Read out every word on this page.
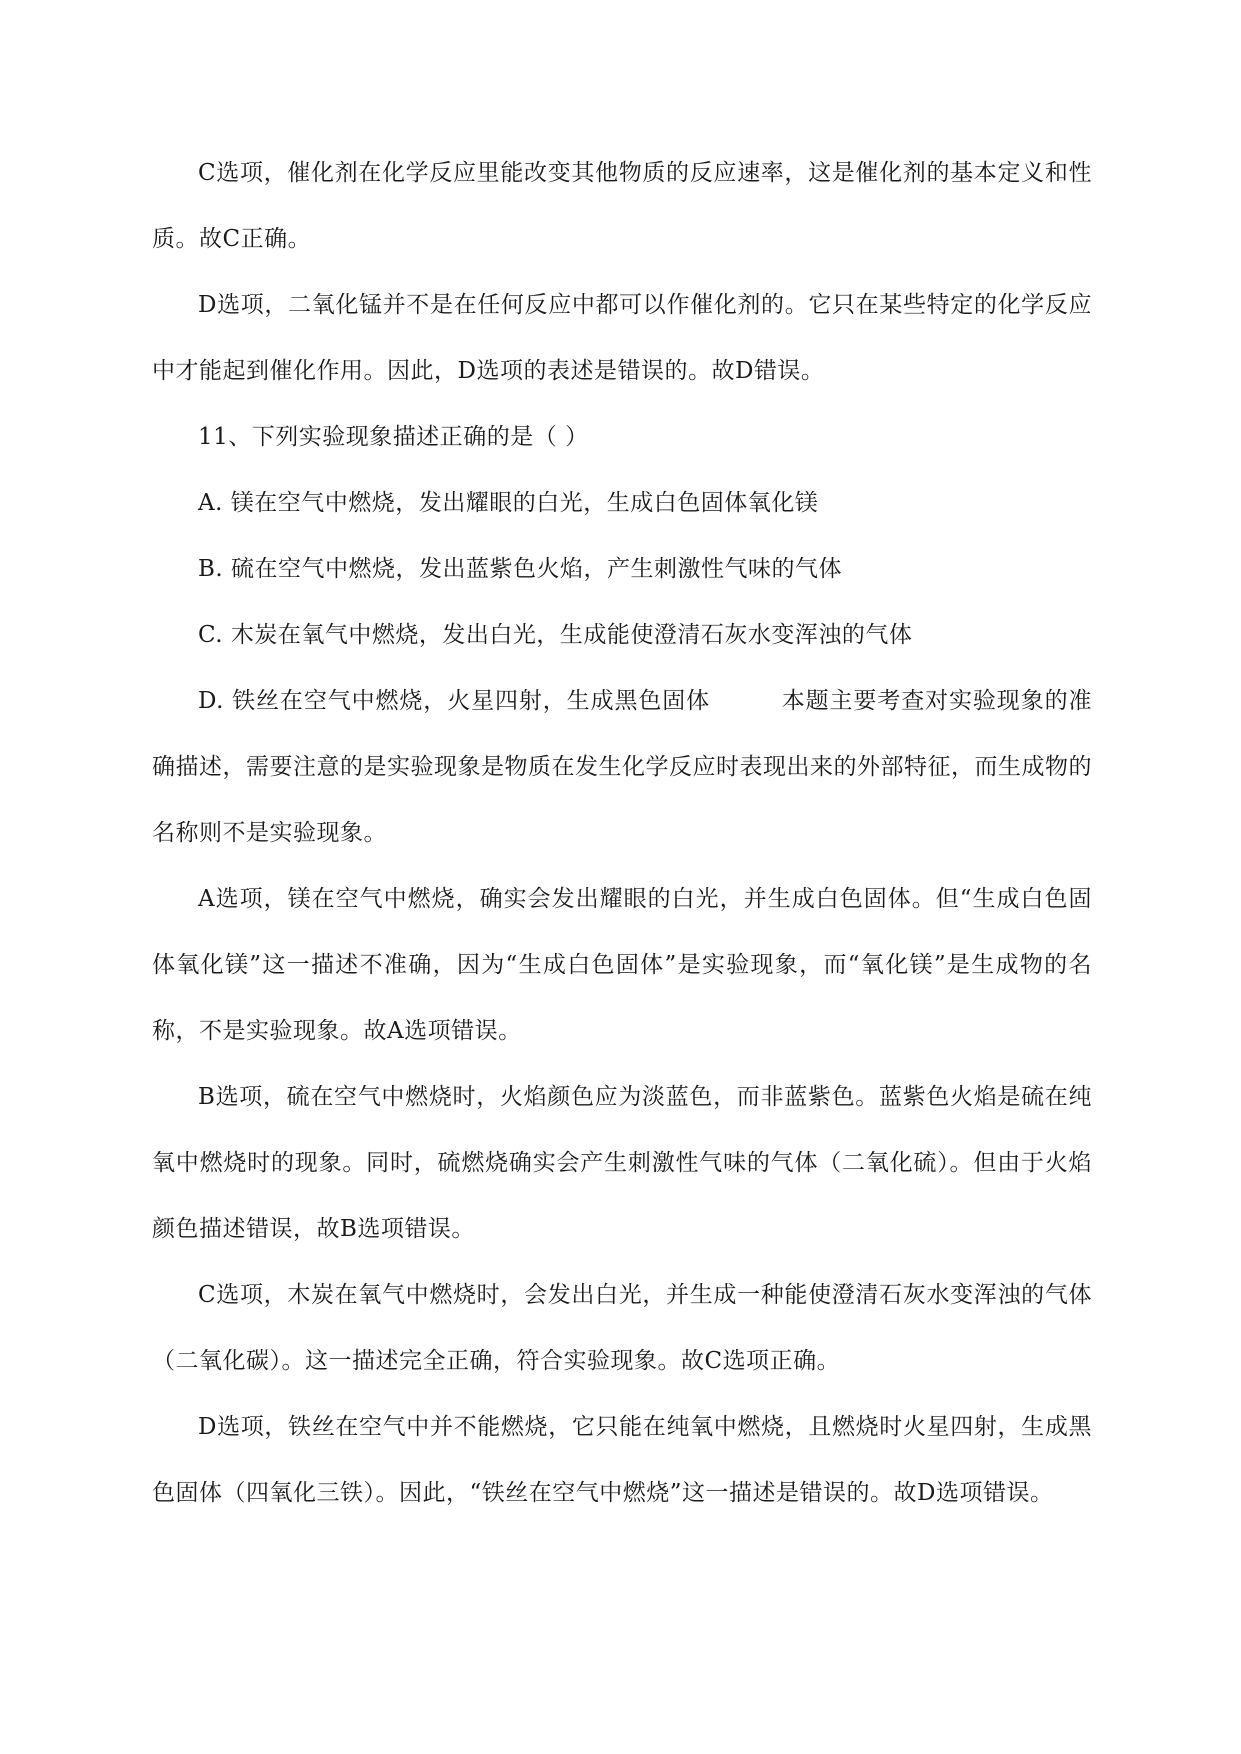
C选项，催化剂在化学反应里能改变其他物质的反应速率，这是催化剂的基本定义和性质。故C正确。

D选项，二氧化锰并不是在任何反应中都可以作催化剂的。它只在某些特定的化学反应中才能起到催化作用。因此，D选项的表述是错误的。故D错误。

11、下列实验现象描述正确的是（ ）

A. 镁在空气中燃烧，发出耀眼的白光，生成白色固体氧化镁

B. 硫在空气中燃烧，发出蓝紫色火焰，产生刺激性气味的气体

C. 木炭在氧气中燃烧，发出白光，生成能使澄清石灰水变浑浊的气体

D. 铁丝在空气中燃烧，火星四射，生成黑色固体　　　本题主要考查对实验现象的准确描述，需要注意的是实验现象是物质在发生化学反应时表现出来的外部特征，而生成物的名称则不是实验现象。

A选项，镁在空气中燃烧，确实会发出耀眼的白光，并生成白色固体。但“生成白色固体氧化镁”这一描述不准确，因为“生成白色固体”是实验现象，而“氧化镁”是生成物的名称，不是实验现象。故A选项错误。

B选项，硫在空气中燃烧时，火焰颜色应为淡蓝色，而非蓝紫色。蓝紫色火焰是硫在纯氧中燃烧时的现象。同时，硫燃烧确实会产生刺激性气味的气体（二氧化硫）。但由于火焰颜色描述错误，故B选项错误。

C选项，木炭在氧气中燃烧时，会发出白光，并生成一种能使澄清石灰水变浑浊的气体（二氧化碳）。这一描述完全正确，符合实验现象。故C选项正确。

D选项，铁丝在空气中并不能燃烧，它只能在纯氧中燃烧，且燃烧时火星四射，生成黑色固体（四氧化三铁）。因此，“铁丝在空气中燃烧”这一描述是错误的。故D选项错误。
